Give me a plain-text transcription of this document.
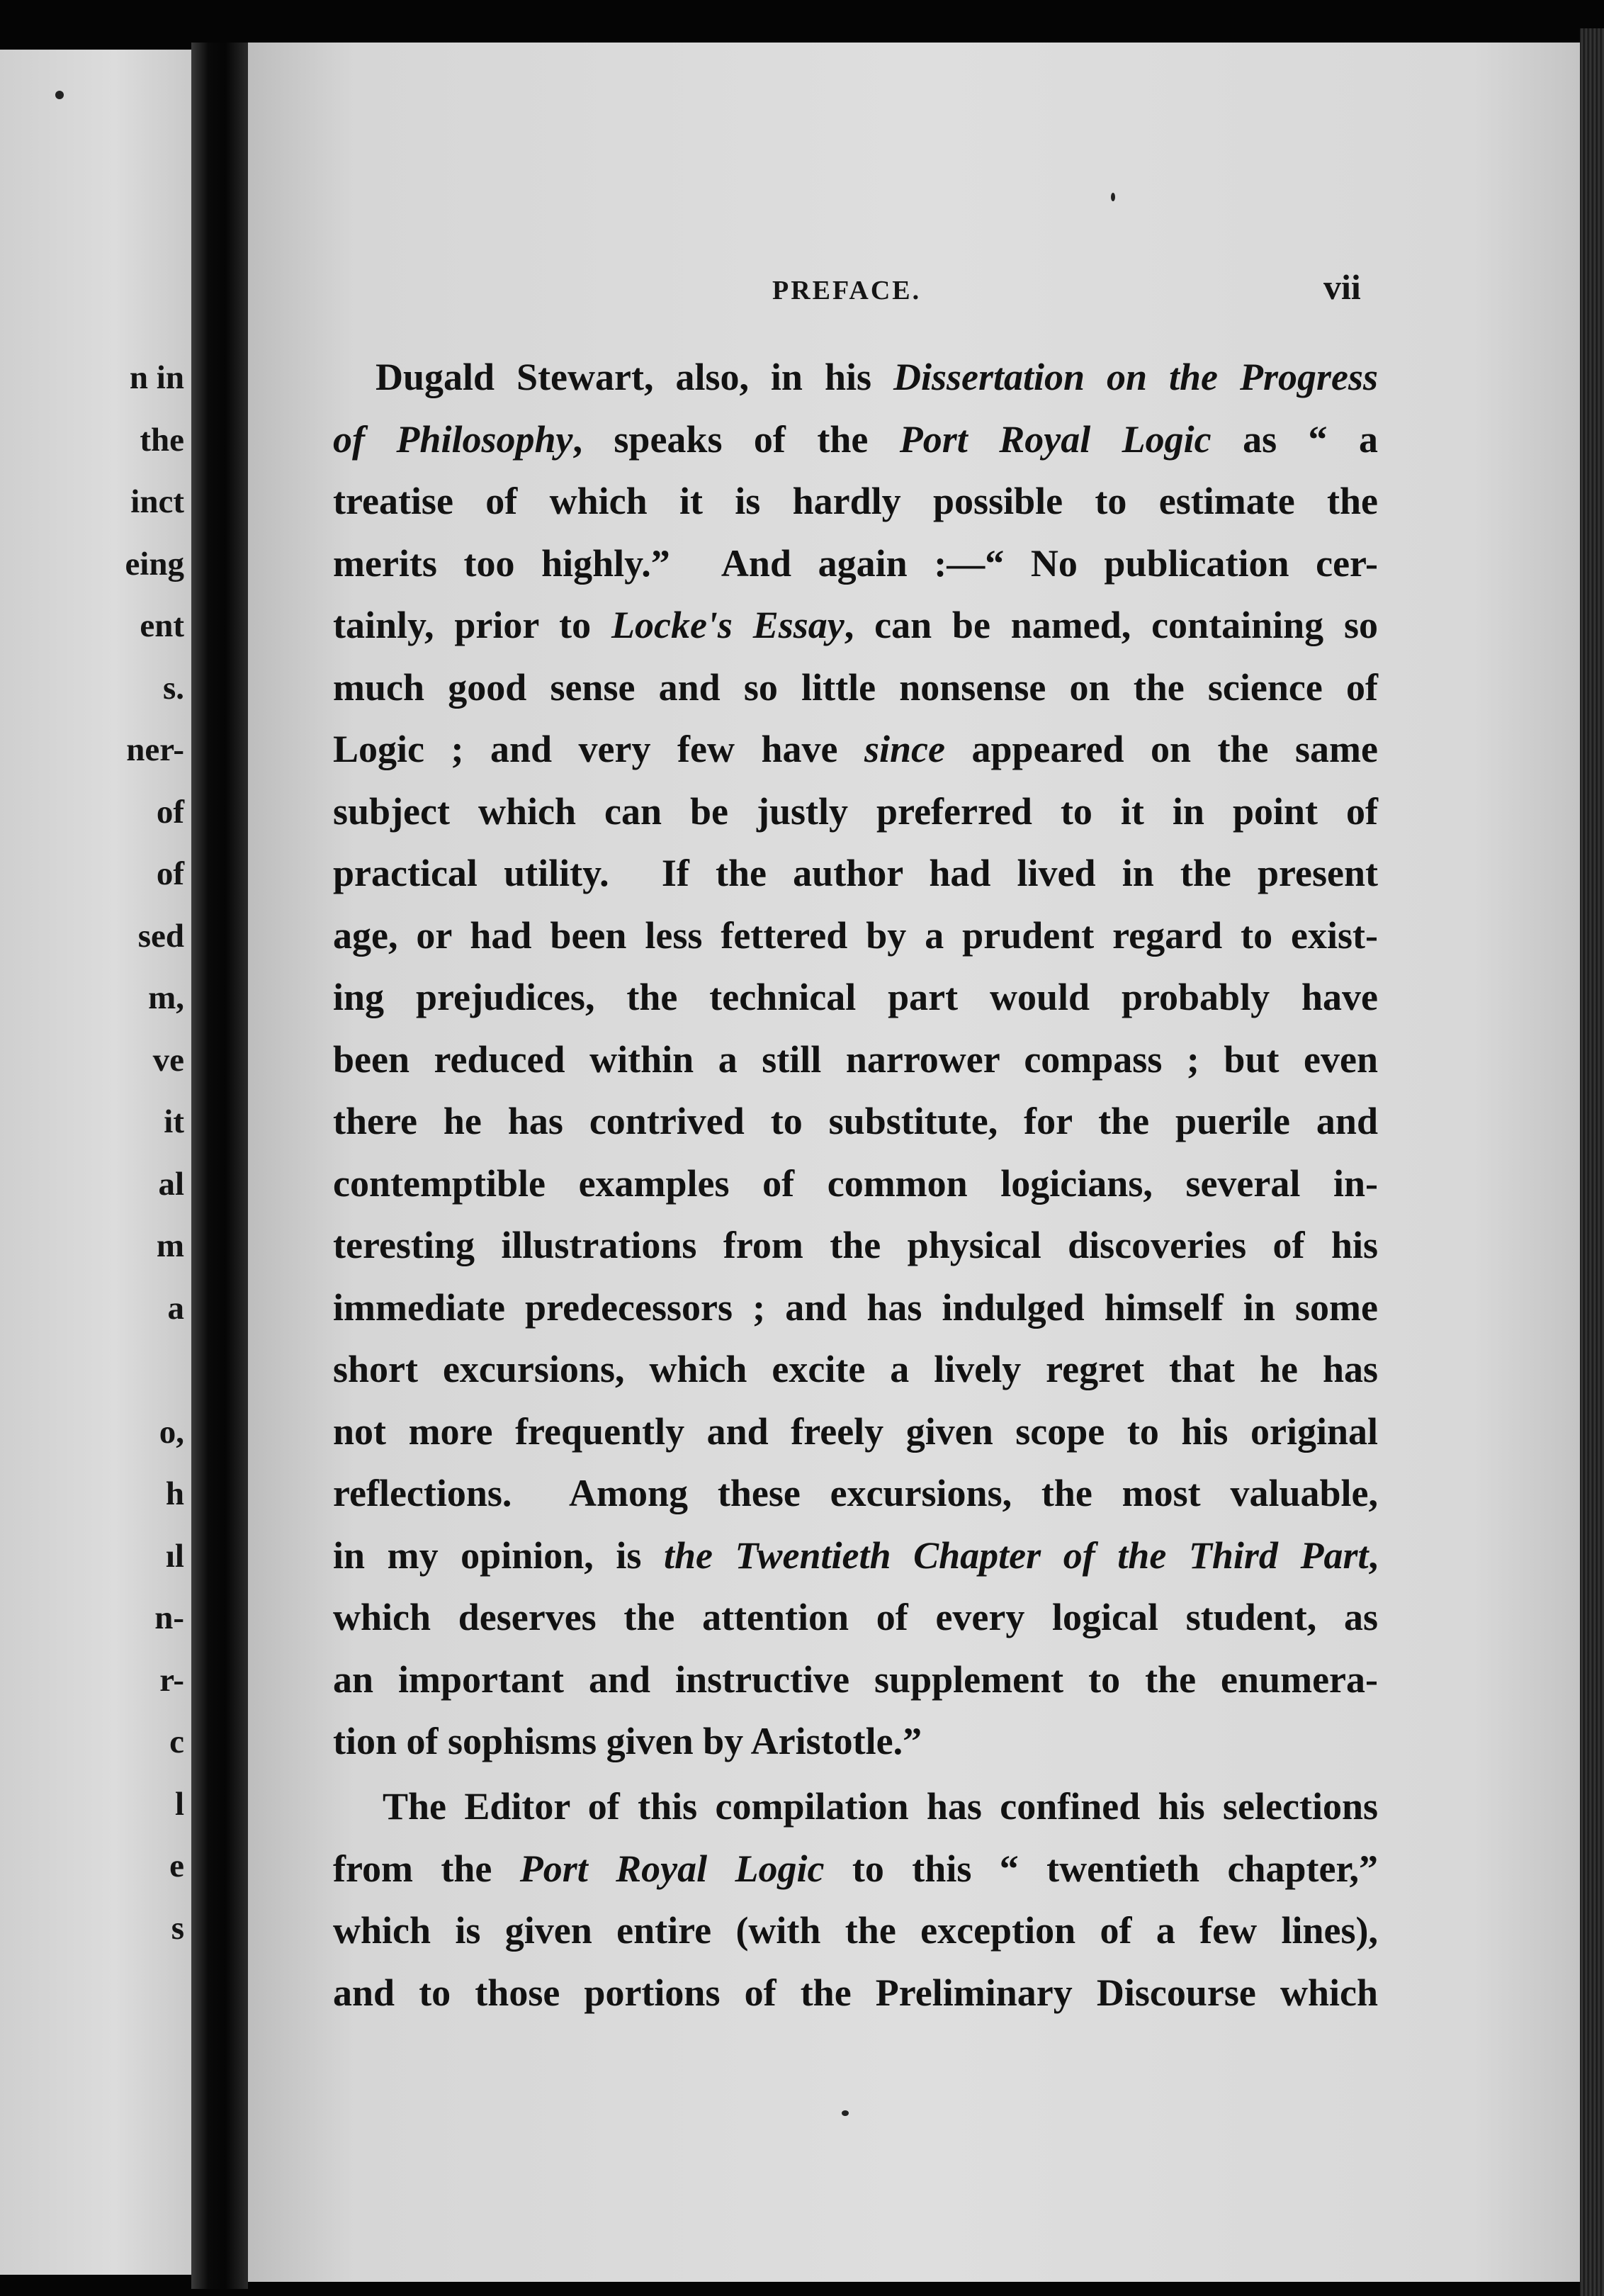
n in
the
inct
eing
ent
s.
ner-
of
of
sed
m,
ve
it
al
m
a
o,
h
ıl
n-
r-
c
l
e
s
PREFACE.	vii
Dugald Stewart, also, in his Dissertation on the Progress
of Philosophy, speaks of the Port Royal Logic as “ a
treatise of which it is hardly possible to estimate the
merits too highly.”  And again :—“ No publication cer-
tainly, prior to Locke's Essay, can be named, containing so
much good sense and so little nonsense on the science of
Logic ; and very few have since appeared on the same
subject which can be justly preferred to it in point of
practical utility.  If the author had lived in the present
age, or had been less fettered by a prudent regard to exist-
ing prejudices, the technical part would probably have
been reduced within a still narrower compass ; but even
there he has contrived to substitute, for the puerile and
contemptible examples of common logicians, several in-
teresting illustrations from the physical discoveries of his
immediate predecessors ; and has indulged himself in some
short excursions, which excite a lively regret that he has
not more frequently and freely given scope to his original
reflections.  Among these excursions, the most valuable,
in my opinion, is the Twentieth Chapter of the Third Part,
which deserves the attention of every logical student, as
an important and instructive supplement to the enumera-
tion of sophisms given by Aristotle.”
The Editor of this compilation has confined his selections
from the Port Royal Logic to this “ twentieth chapter,”
which is given entire (with the exception of a few lines),
and to those portions of the Preliminary Discourse which
